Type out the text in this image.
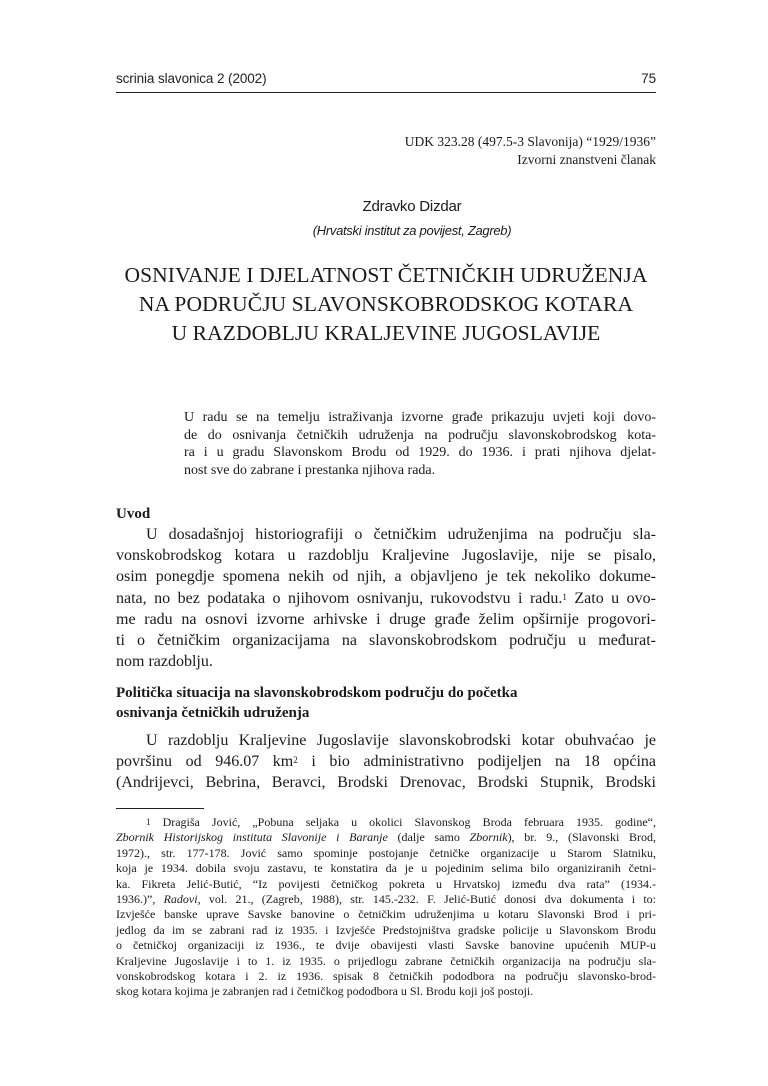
scrinia slavonica 2 (2002)	75
UDK 323.28 (497.5-3 Slavonija) “1929/1936”
Izvorni znanstveni članak
Zdravko Dizdar
(Hrvatski institut za povijest, Zagreb)
OSNIVANJE I DJELATNOST ČETNIČKIH UDRUŽENJA
NA PODRUČJU SLAVONSKOBRODSKOG KOTARA
U RAZDOBLJU KRALJEVINE JUGOSLAVIJE
U radu se na temelju istraživanja izvorne građe prikazuju uvjeti koji dovo-
de do osnivanja četničkih udruženja na području slavonskobrodskog kota-
ra i u gradu Slavonskom Brodu od 1929. do 1936. i prati njihova djelat-
nost sve do zabrane i prestanka njihova rada.
Uvod
U dosadašnjoj historiografiji o četničkim udruženjima na području sla-
vonskobrodskog kotara u razdoblju Kraljevine Jugoslavije, nije se pisalo,
osim ponegdje spomena nekih od njih, a objavljeno je tek nekoliko dokume-
nata, no bez podataka o njihovom osnivanju, rukovodstvu i radu.$^1$ Zato u ovo-
me radu na osnovi izvorne arhivske i druge građe želim opširnije progovori-
ti o četničkim organizacijama na slavonskobrodskom području u međurat-
nom razdoblju.
Politička situacija na slavonskobrodskom području do početka
osnivanja četničkih udruženja
U razdoblju Kraljevine Jugoslavije slavonskobrodski kotar obuhvaćao je
površinu od 946.07 $km^2$ i bio administrativno podijeljen na 18 općina
(Andrijevci, Bebrina, Beravci, Brodski Drenovac, Brodski Stupnik, Brodski
$^1$ Dragiša Jović, „Pobuna seljaka u okolici Slavonskog Broda februara 1935. godine“,
Zbornik Historijskog instituta Slavonije i Baranje (dalje samo Zbornik), br. 9., (Slavonski Brod,
1972)., str. 177-178. Jović samo spominje postojanje četničke organizacije u Starom Slatniku,
koja je 1934. dobila svoju zastavu, te konstatira da je u pojedinim selima bilo organiziranih četni-
ka. Fikreta Jelić-Butić, “Iz povijesti četničkog pokreta u Hrvatskoj između dva rata” (1934.-
1936.)”, Radovi, vol. 21., (Zagreb, 1988), str. 145.-232. F. Jelić-Butić donosi dva dokumenta i to:
Izvješće banske uprave Savske banovine o četničkim udruženjima u kotaru Slavonski Brod i pri-
jedlog da im se zabrani rad iz 1935. i Izvješće Predstojništva gradske policije u Slavonskom Brodu
o četničkoj organizaciji iz 1936., te dvije obavijesti vlasti Savske banovine upućenih MUP-u
Kraljevine Jugoslavije i to 1. iz 1935. o prijedlogu zabrane četničkih organizacija na području sla-
vonskobrodskog kotara i 2. iz 1936. spisak 8 četničkih pododbora na području slavonsko-brod-
skog kotara kojima je zabranjen rad i četničkog pododbora u Sl. Brodu koji još postoji.
